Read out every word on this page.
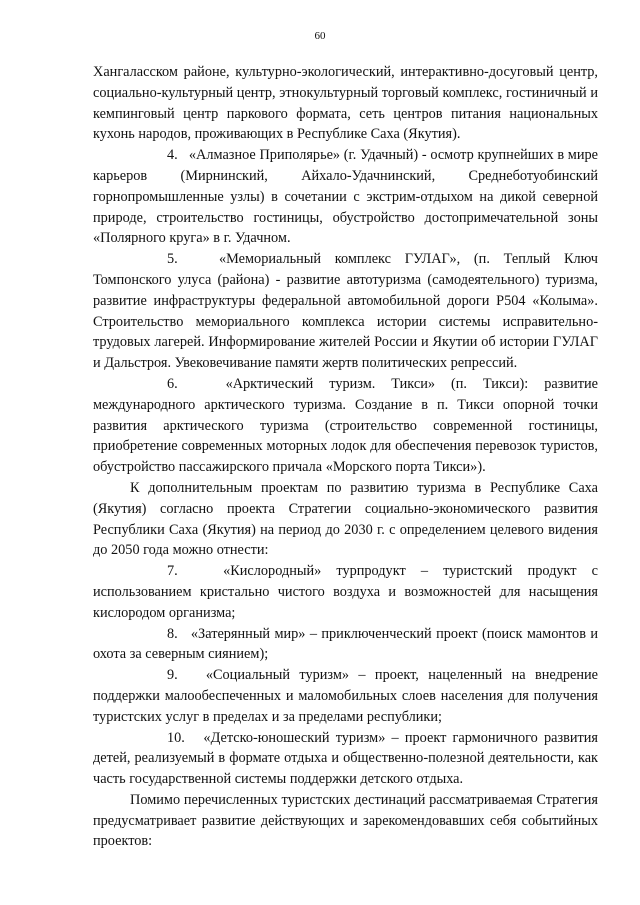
60

Хангаласском районе, культурно-экологический, интерактивно-досуговый центр, социально-культурный центр, этнокультурный торговый комплекс, гостиничный и кемпинговый центр паркового формата, сеть центров питания национальных кухонь народов, проживающих в Республике Саха (Якутия).

4. «Алмазное Приполярье» (г. Удачный) - осмотр крупнейших в мире карьеров (Мирнинский, Айхало-Удачнинский, Среднеботуобинский горнопромышленные узлы) в сочетании с экстрим-отдыхом на дикой северной природе, строительство гостиницы, обустройство достопримечательной зоны «Полярного круга» в г. Удачном.

5.	«Мемориальный комплекс ГУЛАГ», (п. Теплый Ключ Томпонского улуса (района) - развитие автотуризма (самодеятельного) туризма, развитие инфраструктуры федеральной автомобильной дороги Р504 «Колыма». Строительство мемориального комплекса истории системы исправительно-трудовых лагерей. Информирование жителей России и Якутии об истории ГУЛАГ и Дальстроя. Увековечивание памяти жертв политических репрессий.

6.	«Арктический туризм. Тикси» (п. Тикси): развитие международного арктического туризма. Создание в п. Тикси опорной точки развития арктического туризма (строительство современной гостиницы, приобретение современных моторных лодок для обеспечения перевозок туристов, обустройство пассажирского причала «Морского порта Тикси»).

К дополнительным проектам по развитию туризма в Республике Саха (Якутия) согласно проекта Стратегии социально-экономического развития Республики Саха (Якутия) на период до 2030 г. с определением целевого видения до 2050 года можно отнести:

7.	«Кислородный» турпродукт – туристский продукт с использованием кристально чистого воздуха и возможностей для насыщения кислородом организма;

8. «Затерянный мир» – приключенческий проект (поиск мамонтов и охота за северным сиянием);

9. «Социальный туризм» – проект, нацеленный на внедрение поддержки малообеспеченных и маломобильных слоев населения для получения туристских услуг в пределах и за пределами республики;

10. «Детско-юношеский туризм» – проект гармоничного развития детей, реализуемый в формате отдыха и общественно-полезной деятельности, как часть государственной системы поддержки детского отдыха.

Помимо перечисленных туристских дестинаций рассматриваемая Стратегия предусматривает развитие действующих и зарекомендовавших себя событийных проектов:
